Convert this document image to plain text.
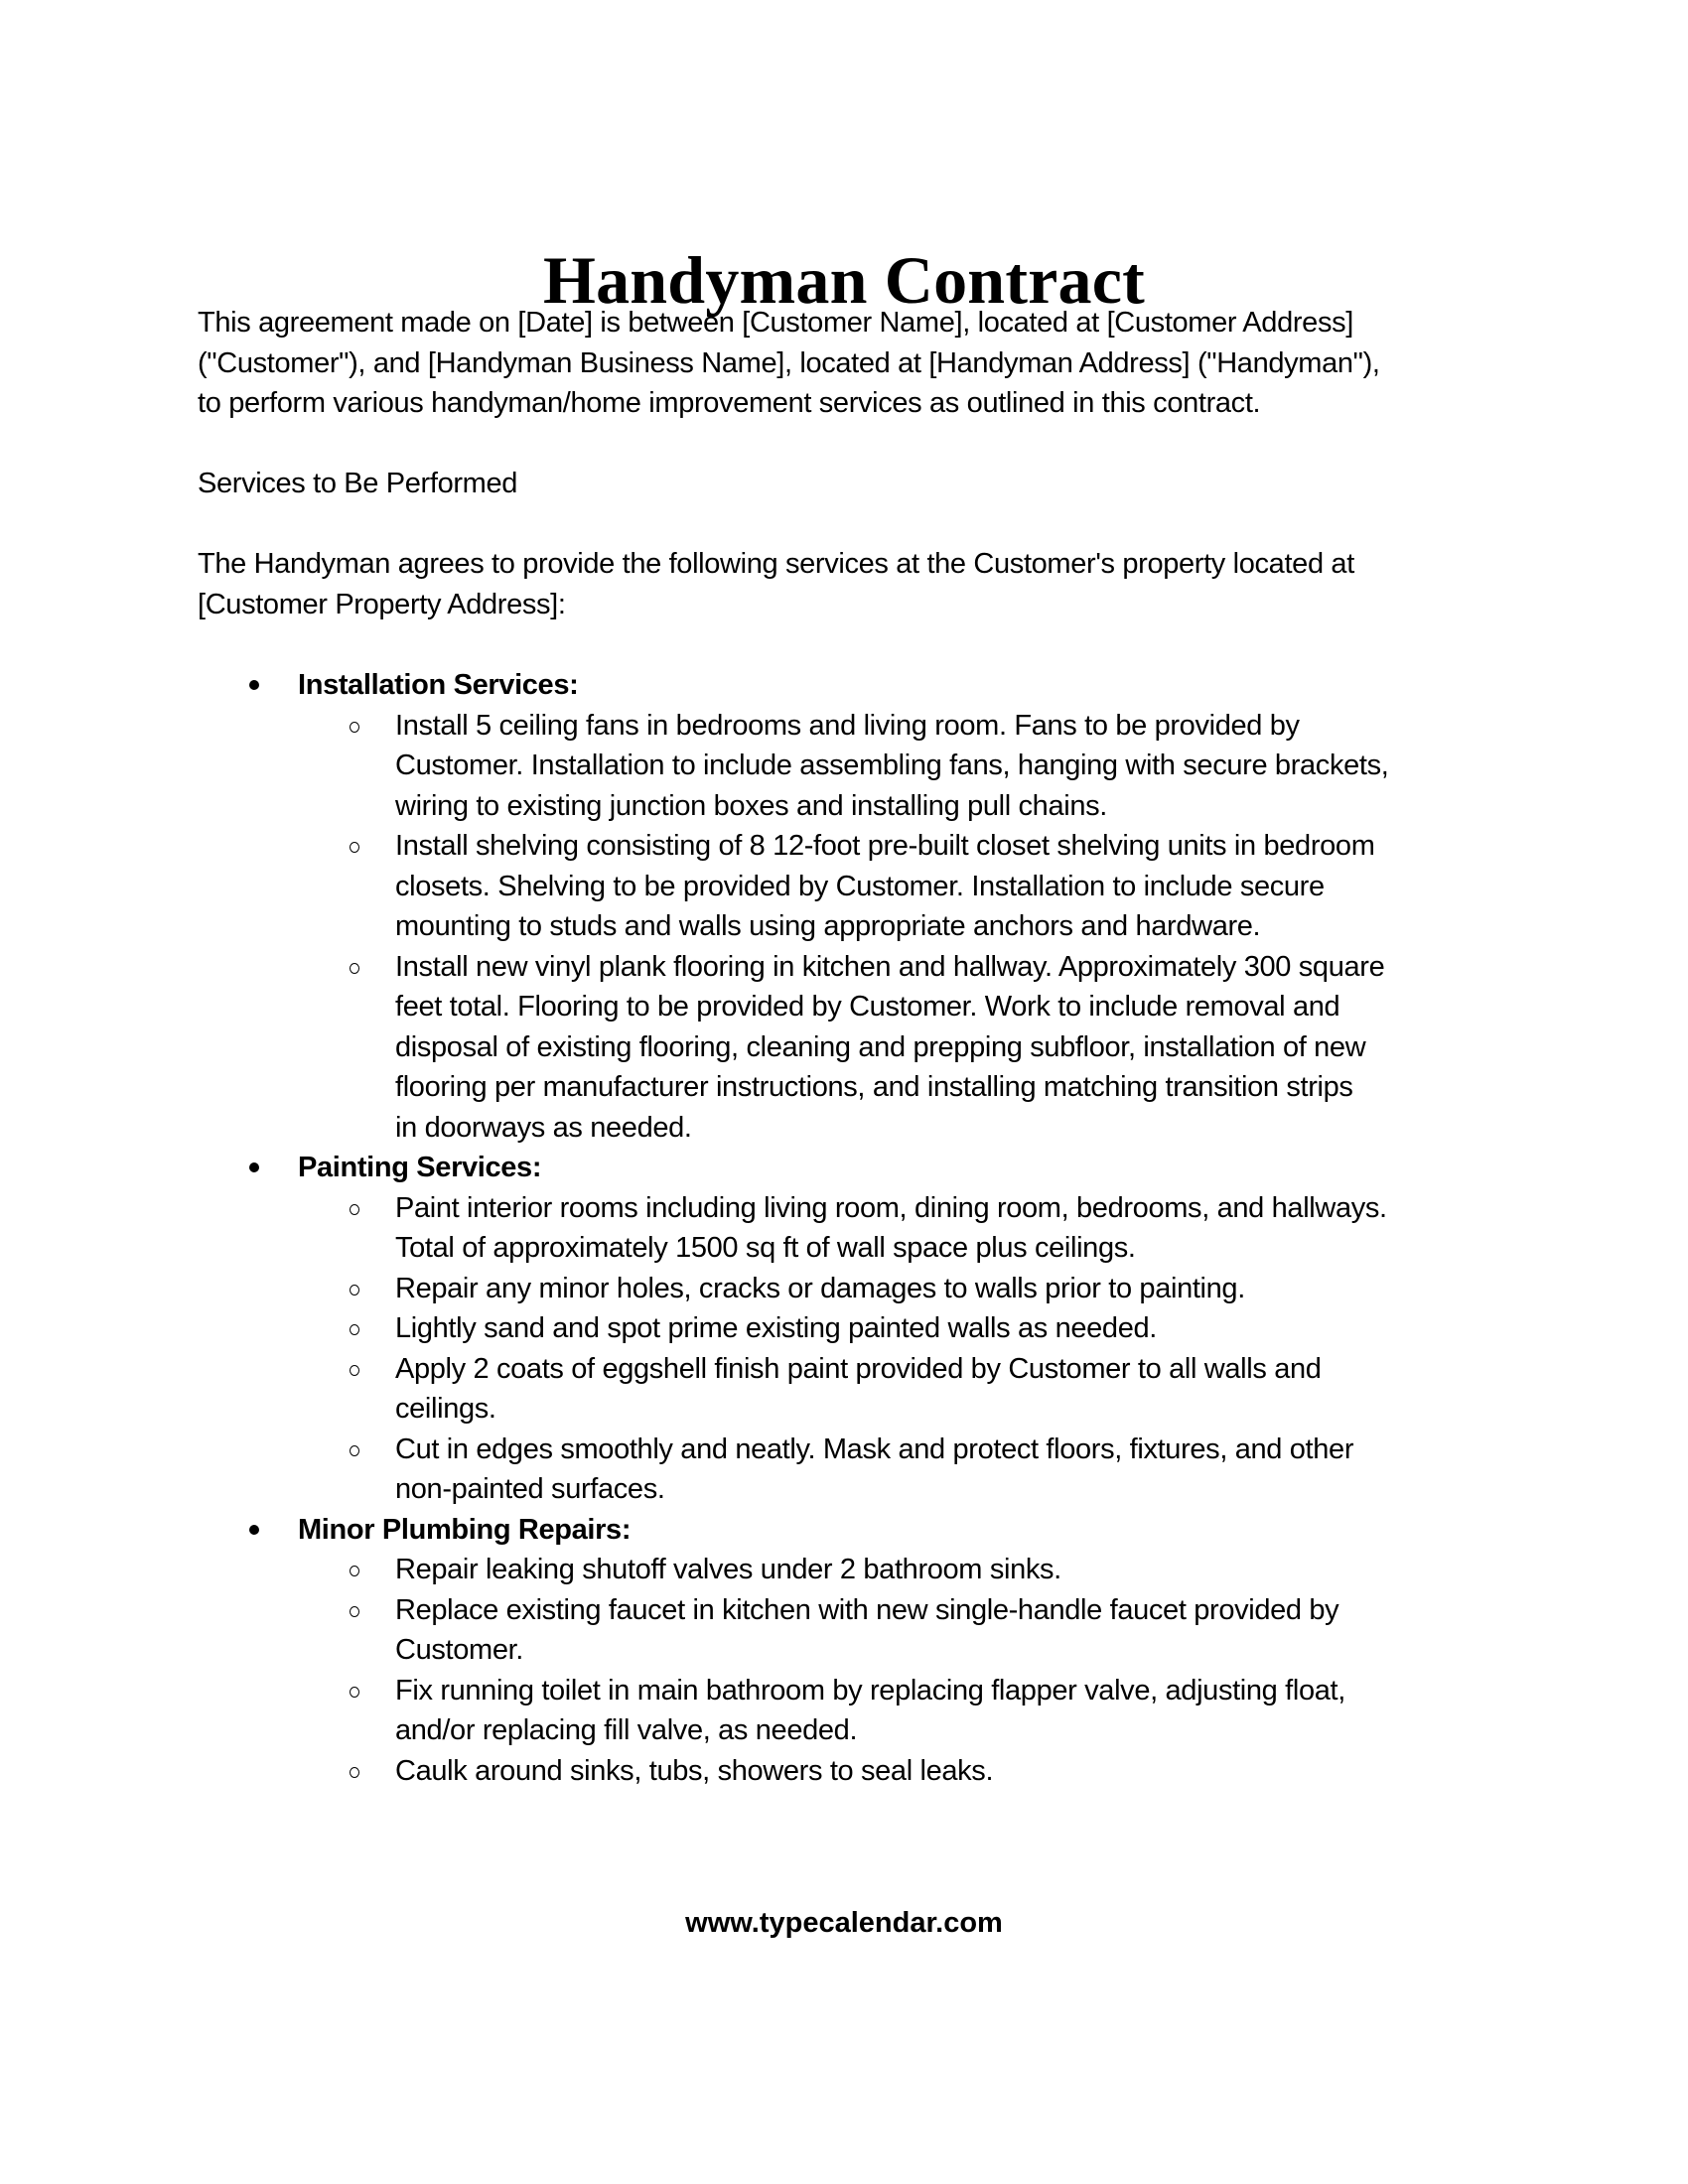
Handyman Contract
This agreement made on [Date] is between [Customer Name], located at [Customer Address]
("Customer"), and [Handyman Business Name], located at [Handyman Address] ("Handyman"),
to perform various handyman/home improvement services as outlined in this contract.
Services to Be Performed
The Handyman agrees to provide the following services at the Customer's property located at
[Customer Property Address]:
Installation Services:
Install 5 ceiling fans in bedrooms and living room. Fans to be provided by
Customer. Installation to include assembling fans, hanging with secure brackets,
wiring to existing junction boxes and installing pull chains.
Install shelving consisting of 8 12-foot pre-built closet shelving units in bedroom
closets. Shelving to be provided by Customer. Installation to include secure
mounting to studs and walls using appropriate anchors and hardware.
Install new vinyl plank flooring in kitchen and hallway. Approximately 300 square
feet total. Flooring to be provided by Customer. Work to include removal and
disposal of existing flooring, cleaning and prepping subfloor, installation of new
flooring per manufacturer instructions, and installing matching transition strips
in doorways as needed.
Painting Services:
Paint interior rooms including living room, dining room, bedrooms, and hallways.
Total of approximately 1500 sq ft of wall space plus ceilings.
Repair any minor holes, cracks or damages to walls prior to painting.
Lightly sand and spot prime existing painted walls as needed.
Apply 2 coats of eggshell finish paint provided by Customer to all walls and
ceilings.
Cut in edges smoothly and neatly. Mask and protect floors, fixtures, and other
non-painted surfaces.
Minor Plumbing Repairs:
Repair leaking shutoff valves under 2 bathroom sinks.
Replace existing faucet in kitchen with new single-handle faucet provided by
Customer.
Fix running toilet in main bathroom by replacing flapper valve, adjusting float,
and/or replacing fill valve, as needed.
Caulk around sinks, tubs, showers to seal leaks.
www.typecalendar.com
